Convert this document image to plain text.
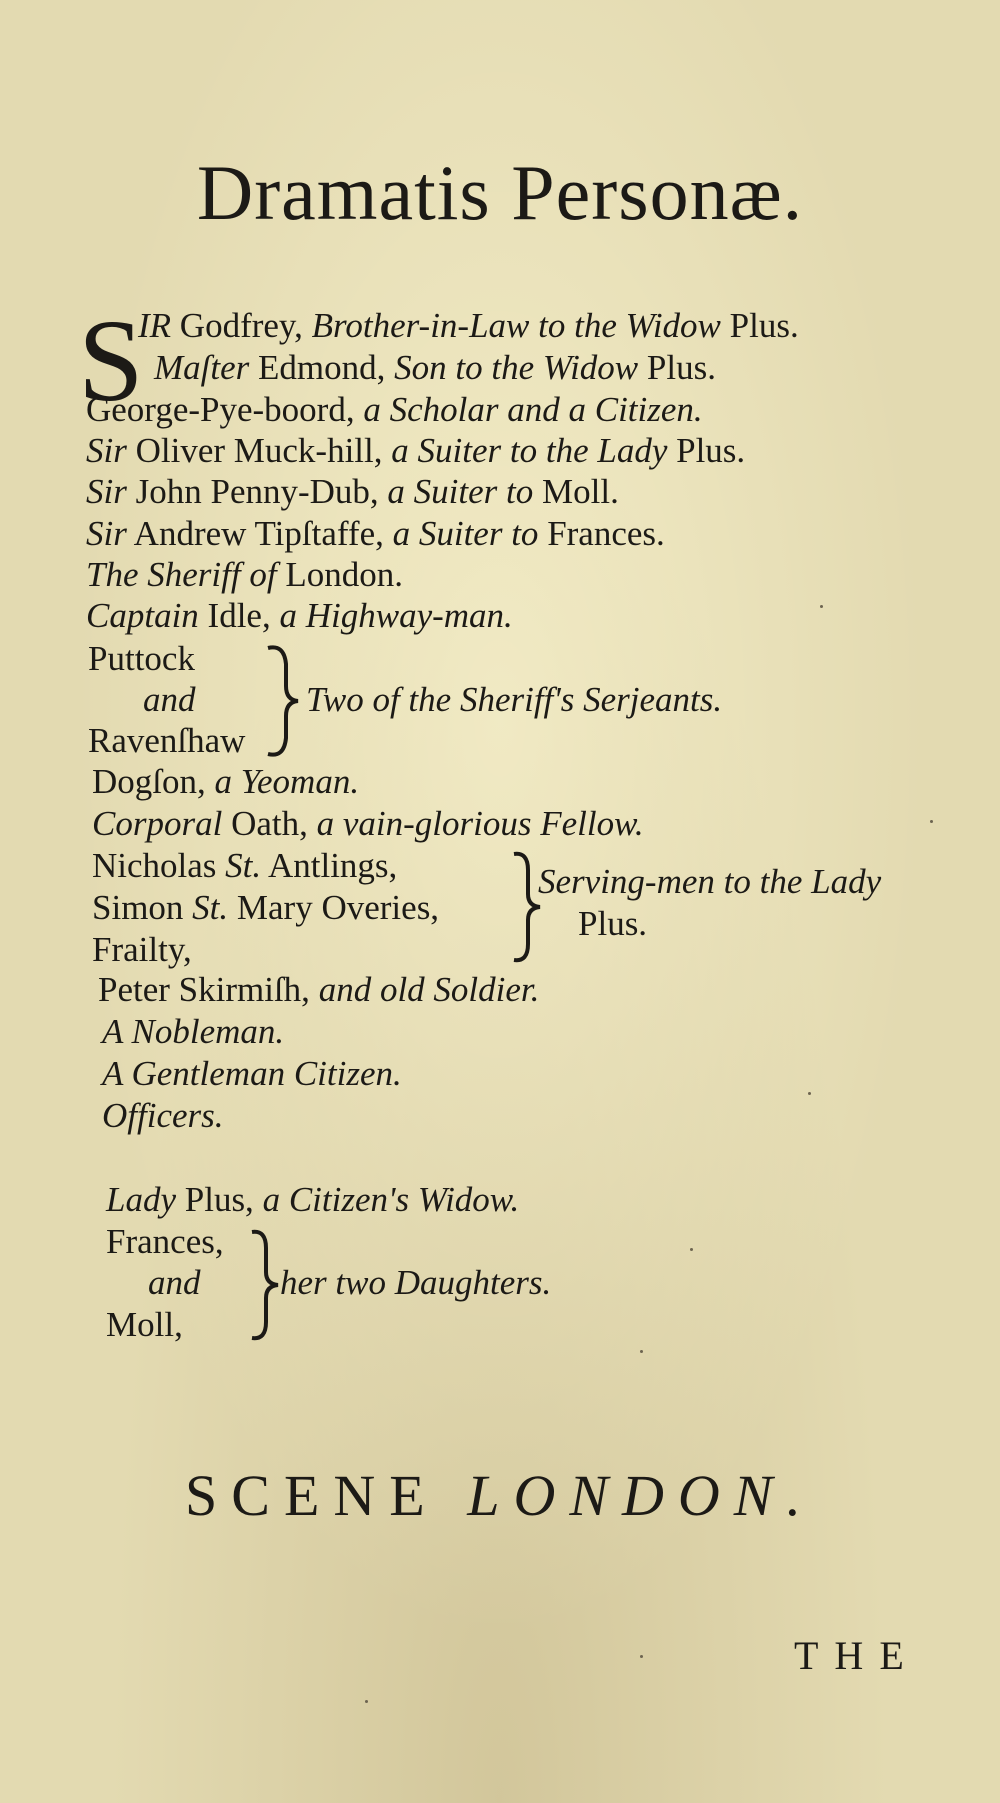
Dramatis Personæ.
S
IR Godfrey, Brother-in-Law to the Widow Plus.
Maſter Edmond, Son to the Widow Plus.
George-Pye-boord, a Scholar and a Citizen.
Sir Oliver Muck-hill, a Suiter to the Lady Plus.
Sir John Penny-Dub, a Suiter to Moll.
Sir Andrew Tipſtaffe, a Suiter to Frances.
The Sheriff of London.
Captain Idle, a Highway-man.
Puttock
and
Ravenſhaw
Two of the Sheriff's Serjeants.
Dogſon, a Yeoman.
Corporal Oath, a vain-glorious Fellow.
Nicholas St. Antlings,
Simon St. Mary Overies,
Frailty,
Serving-men to the Lady
Plus.
Peter Skirmiſh, and old Soldier.
A Nobleman.
A Gentleman Citizen.
Officers.
Lady Plus, a Citizen's Widow.
Frances,
and
Moll,
her two Daughters.
SCENE LONDON.
THE
